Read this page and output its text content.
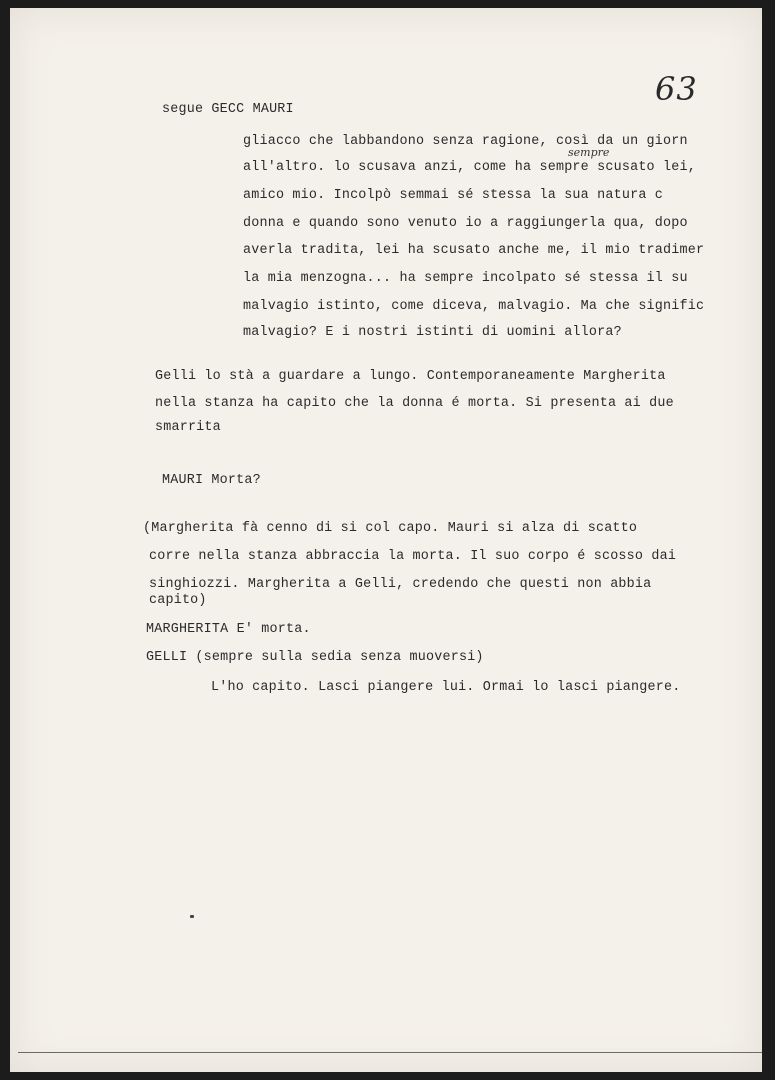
63
segue GECC MAURI
gliacco che labbandono senza ragione, così da un giorn
all'altro. lo scusava anzi, come ha sempre scusato lei,
amico mio. Incolpò semmai sé stessa la sua natura c
donna e quando sono venuto io a raggiungerla qua, dopo
averla tradita, lei ha scusato anche me, il mio tradimer
la mia menzogna... ha sempre incolpato sé stessa il su
malvagio istinto, come diceva, malvagio. Ma che signific
malvagio? E i nostri istinti di uomini allora?
sempre
Gelli lo stà a guardare a lungo. Contemporaneamente Margherita
nella stanza ha capito che la donna é morta. Si presenta ai due
smarrita
MAURI Morta?
(Margherita fà cenno di si col capo. Mauri si alza di scatto
corre nella stanza abbraccia la morta. Il suo corpo é scosso dai
singhiozzi. Margherita a Gelli, credendo che questi non abbia
capito)
MARGHERITA E' morta.
GELLI (sempre sulla sedia senza muoversi)
L'ho capito. Lasci piangere lui. Ormai lo lasci piangere.
